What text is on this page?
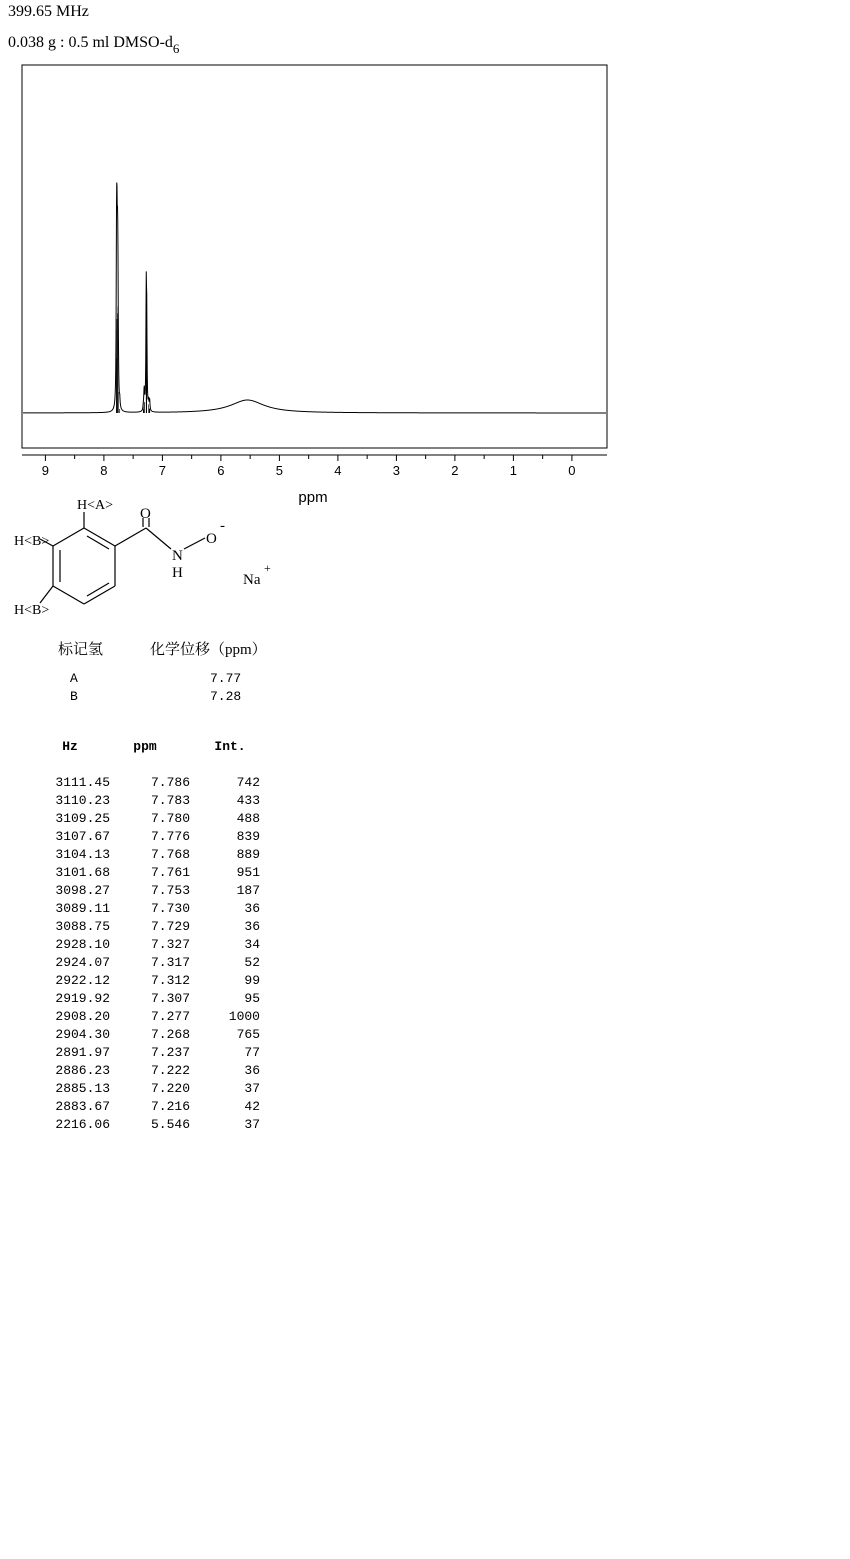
399.65 MHz
0.038 g : 0.5 ml DMSO-$d_6$
9	8	7	6	5	4	3	2	1	0
ppm
H<A>
H<B>
H<B>
O
N
H
O
-
Na
+
标记氢	化学位移（ppm）
A	7.77
B	7.28
Hz	ppm	Int.
3111.45	7.786	742
3110.23	7.783	433
3109.25	7.780	488
3107.67	7.776	839
3104.13	7.768	889
3101.68	7.761	951
3098.27	7.753	187
3089.11	7.730	36
3088.75	7.729	36
2928.10	7.327	34
2924.07	7.317	52
2922.12	7.312	99
2919.92	7.307	95
2908.20	7.277	1000
2904.30	7.268	765
2891.97	7.237	77
2886.23	7.222	36
2885.13	7.220	37
2883.67	7.216	42
2216.06	5.546	37
